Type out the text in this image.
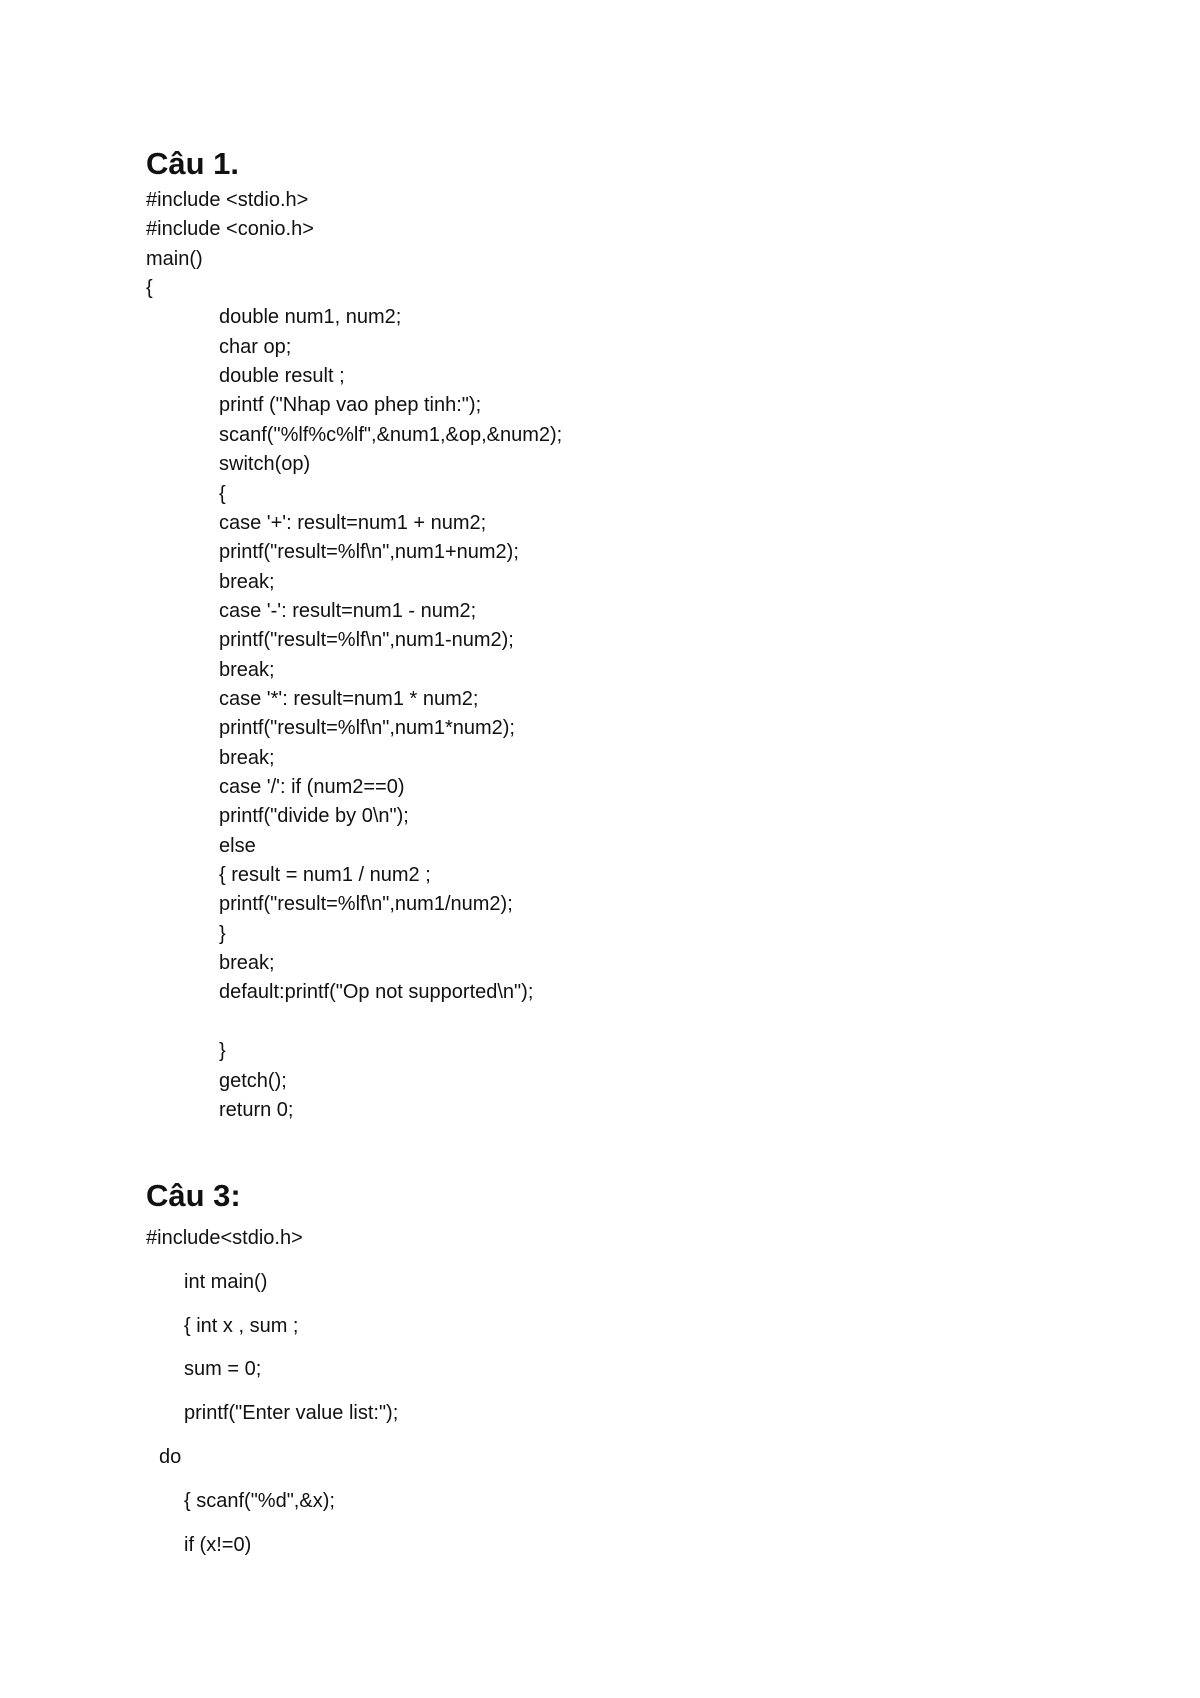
Câu 1.
#include <stdio.h>
#include <conio.h>
main()
{
double num1, num2;
char op;
double result ;
printf ("Nhap vao phep tinh:");
scanf("%lf%c%lf",&num1,&op,&num2);
switch(op)
{
case '+': result=num1 + num2;
printf("result=%lf\n",num1+num2);
break;
case '-': result=num1 - num2;
printf("result=%lf\n",num1-num2);
break;
case '*': result=num1 * num2;
printf("result=%lf\n",num1*num2);
break;
case '/': if (num2==0)
printf("divide by 0\n");
else
{ result = num1 / num2 ;
printf("result=%lf\n",num1/num2);
}
break;
default:printf("Op not supported\n");
}
getch();
return 0;
Câu 3:
#include<stdio.h>
int main()
{ int x , sum ;
sum = 0;
printf("Enter value list:");
do
{ scanf("%d",&x);
if (x!=0)
